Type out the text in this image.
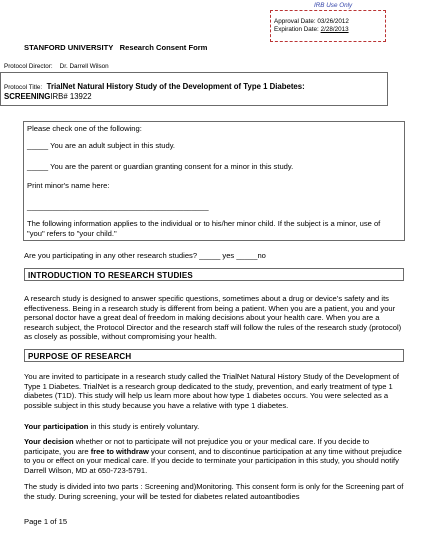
IRB Use Only
Approval Date: 03/26/2012
Expiration Date: 2/28/2013
STANFORD UNIVERSITY Research Consent Form
Protocol Director: Dr. Darrell Wilson
Protocol Title: TrialNet Natural History Study of the Development of Type 1 Diabetes:
SCREENINGIRB# 13922
Please check one of the following:
_____ You are an adult subject in this study.
_____ You are the parent or guardian granting consent for a minor in this study.
Print minor's name here:
___________________________________________
The following information applies to the individual or to his/her minor child. If the subject is a minor, use of "you" refers to "your child."
Are you participating in any other research studies? _____ yes _____no
INTRODUCTION TO RESEARCH STUDIES

A research study is designed to answer specific questions, sometimes about a drug or device’s safety and its effectiveness. Being in a research study is different from being a patient. When you are a patient, you and your personal doctor have a great deal of freedom in making decisions about your health care. When you are a research subject, the Protocol Director and the research staff will follow the rules of the research study (protocol) as closely as possible, without compromising your health.

PURPOSE OF RESEARCH

You are invited to participate in a research study called the TrialNet Natural History Study of the Development of Type 1 Diabetes. TrialNet is a research group dedicated to the study, prevention, and early treatment of type 1 diabetes (T1D). This study will help us learn more about how type 1 diabetes occurs. You were selected as a possible subject in this study because you have a relative with type 1 diabetes.

Your participation in this study is entirely voluntary.

Your decision whether or not to participate will not prejudice you or your medical care. If you decide to participate, you are free to withdraw your consent, and to discontinue participation at any time without prejudice to you or effect on your medical care. If you decide to terminate your participation in this study, you should notify Darrell Wilson, MD at 650-723-5791.

The study is divided into two parts : Screening and)Monitoring. This consent form is only for the Screening part of the study. During screening, your will be tested for diabetes related autoantibodies

Page 1 of 15
